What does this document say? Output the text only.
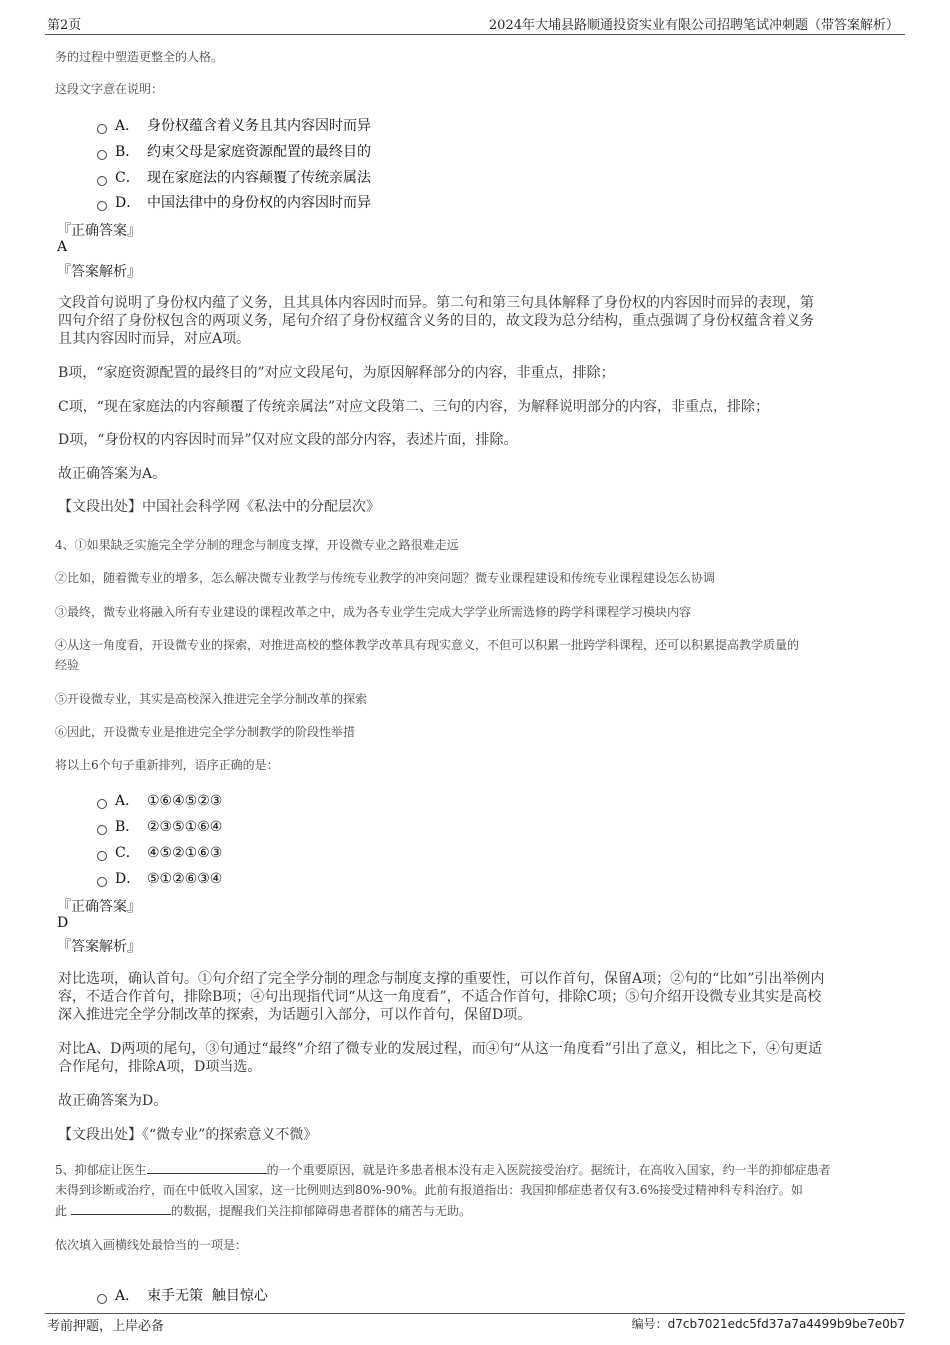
第2页	2024年大埔县路顺通投资实业有限公司招聘笔试冲刺题（带答案解析）
务的过程中塑造更整全的人格。
这段文字意在说明：
A． 身份权蕴含着义务且其内容因时而异
B． 约束父母是家庭资源配置的最终目的
C． 现在家庭法的内容颠覆了传统亲属法
D． 中国法律中的身份权的内容因时而异
『正确答案』
A
『答案解析』
文段首句说明了身份权内蕴了义务，且其具体内容因时而异。第二句和第三句具体解释了身份权的内容因时而异的表现，第
四句介绍了身份权包含的两项义务，尾句介绍了身份权蕴含义务的目的，故文段为总分结构，重点强调了身份权蕴含着义务
且其内容因时而异，对应A项。
B项，“家庭资源配置的最终目的”对应文段尾句，为原因解释部分的内容，非重点，排除；
C项，“现在家庭法的内容颠覆了传统亲属法”对应文段第二、三句的内容，为解释说明部分的内容，非重点，排除；
D项，“身份权的内容因时而异”仅对应文段的部分内容，表述片面，排除。
故正确答案为A。
【文段出处】中国社会科学网《私法中的分配层次》
4、①如果缺乏实施完全学分制的理念与制度支撑，开设微专业之路很难走远
②比如，随着微专业的增多，怎么解决微专业教学与传统专业教学的冲突问题？微专业课程建设和传统专业课程建设怎么协调
③最终，微专业将融入所有专业建设的课程改革之中，成为各专业学生完成大学学业所需选修的跨学科课程学习模块内容
④从这一角度看，开设微专业的探索，对推进高校的整体教学改革具有现实意义，不但可以积累一批跨学科课程，还可以积累提高教学质量的
经验
⑤开设微专业，其实是高校深入推进完全学分制改革的探索
⑥因此，开设微专业是推进完全学分制教学的阶段性举措
将以上6个句子重新排列，语序正确的是：
A． ①⑥④⑤②③
B． ②③⑤①⑥④
C． ④⑤②①⑥③
D． ⑤①②⑥③④
『正确答案』
D
『答案解析』
对比选项，确认首句。①句介绍了完全学分制的理念与制度支撑的重要性，可以作首句，保留A项；②句的“比如”引出举例内
容，不适合作首句，排除B项；④句出现指代词“从这一角度看”，不适合作首句，排除C项；⑤句介绍开设微专业其实是高校
深入推进完全学分制改革的探索，为话题引入部分，可以作首句，保留D项。
对比A、D两项的尾句，③句通过“最终”介绍了微专业的发展过程，而④句“从这一角度看”引出了意义，相比之下，④句更适
合作尾句，排除A项，D项当选。
故正确答案为D。
【文段出处】《“微专业”的探索意义不微》
5、抑郁症让医生	的一个重要原因，就是许多患者根本没有走入医院接受治疗。据统计，在高收入国家，约一半的抑郁症患者
未得到诊断或治疗，而在中低收入国家，这一比例则达到80%-90%。此前有报道指出：我国抑郁症患者仅有3.6%接受过精神科专科治疗。如
此	的数据，提醒我们关注抑郁障碍患者群体的痛苦与无助。
依次填入画横线处最恰当的一项是：
A． 束手无策  触目惊心
考前押题，上岸必备	编号：d7cb7021edc5fd37a7a4499b9be7e0b7
